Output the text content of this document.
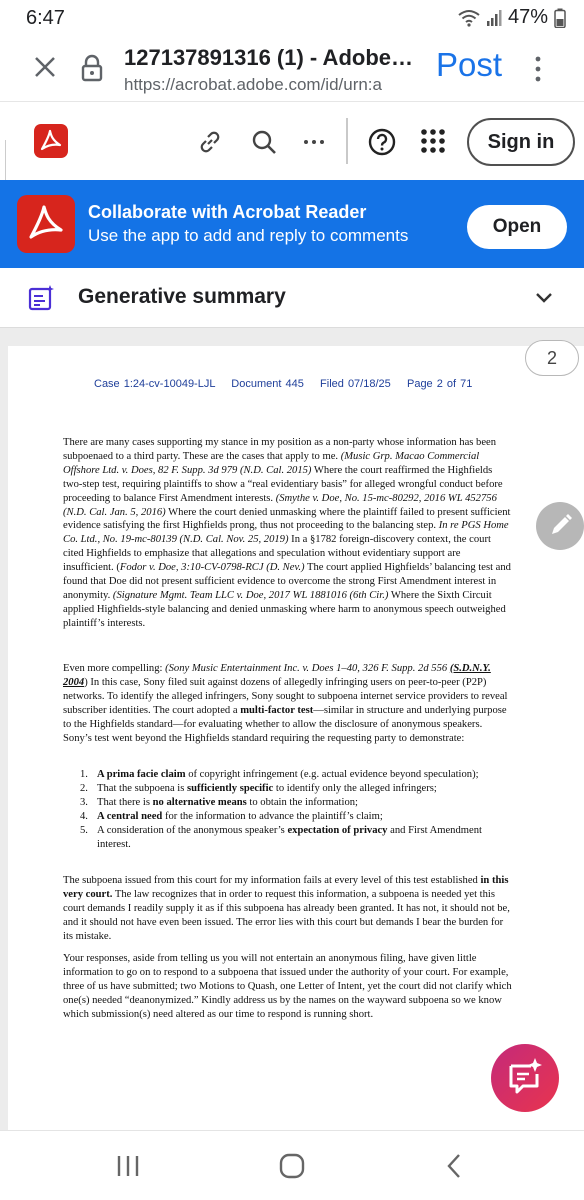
6:47	47%
127137891316 (1) - Adobe…
https://acrobat.adobe.com/id/urn:a
Post
Sign in
Collaborate with Acrobat Reader
Use the app to add and reply to comments	Open
Generative summary
2
Case 1:24-cv-10049-LJL    Document 445    Filed 07/18/25    Page 2 of 71
There are many cases supporting my stance in my position as a non-party whose information has been subpoenaed to a third party. These are the cases that apply to me. (Music Grp. Macao Commercial Offshore Ltd. v. Does, 82 F. Supp. 3d 979 (N.D. Cal. 2015) Where the court reaffirmed the Highfields two-step test, requiring plaintiffs to show a “real evidentiary basis” for alleged wrongful conduct before proceeding to balance First Amendment interests. (Smythe v. Doe, No. 15-mc-80292, 2016 WL 452756 (N.D. Cal. Jan. 5, 2016) Where the court denied unmasking where the plaintiff failed to present sufficient evidence satisfying the first Highfields prong, thus not proceeding to the balancing step. In re PGS Home Co. Ltd., No. 19-mc-80139 (N.D. Cal. Nov. 25, 2019) In a §1782 foreign-discovery context, the court cited Highfields to emphasize that allegations and speculation without evidentiary support are insufficient. (Fodor v. Doe, 3:10-CV-0798-RCJ (D. Nev.) The court applied Highfields’ balancing test and found that Doe did not present sufficient evidence to overcome the strong First Amendment interest in anonymity. (Signature Mgmt. Team LLC v. Doe, 2017 WL 1881016 (6th Cir.) Where the Sixth Circuit applied Highfields-style balancing and denied unmasking where harm to anonymous speech outweighed plaintiff’s interests.
Even more compelling: (Sony Music Entertainment Inc. v. Does 1–40, 326 F. Supp. 2d 556 (S.D.N.Y. 2004) In this case, Sony filed suit against dozens of allegedly infringing users on peer-to-peer (P2P) networks. To identify the alleged infringers, Sony sought to subpoena internet service providers to reveal subscriber identities. The court adopted a multi-factor test—similar in structure and underlying purpose to the Highfields standard—for evaluating whether to allow the disclosure of anonymous speakers. Sony’s test went beyond the Highfields standard requiring the requesting party to demonstrate:
1. A prima facie claim of copyright infringement (e.g. actual evidence beyond speculation);
2. That the subpoena is sufficiently specific to identify only the alleged infringers;
3. That there is no alternative means to obtain the information;
4. A central need for the information to advance the plaintiff’s claim;
5. A consideration of the anonymous speaker’s expectation of privacy and First Amendment interest.
The subpoena issued from this court for my information fails at every level of this test established in this very court. The law recognizes that in order to request this information, a subpoena is needed yet this court demands I readily supply it as if this subpoena has already been granted. It has not, it should not be, and it should not have even been issued. The error lies with this court but demands I bear the burden for its mistake.
Your responses, aside from telling us you will not entertain an anonymous filing, have given little information to go on to respond to a subpoena that issued under the authority of your court. For example, three of us have submitted; two Motions to Quash, one Letter of Intent, yet the court did not clarify which one(s) needed “deanonymized.” Kindly address us by the names on the wayward subpoena so we know which submission(s) need altered as our time to respond is running short.
